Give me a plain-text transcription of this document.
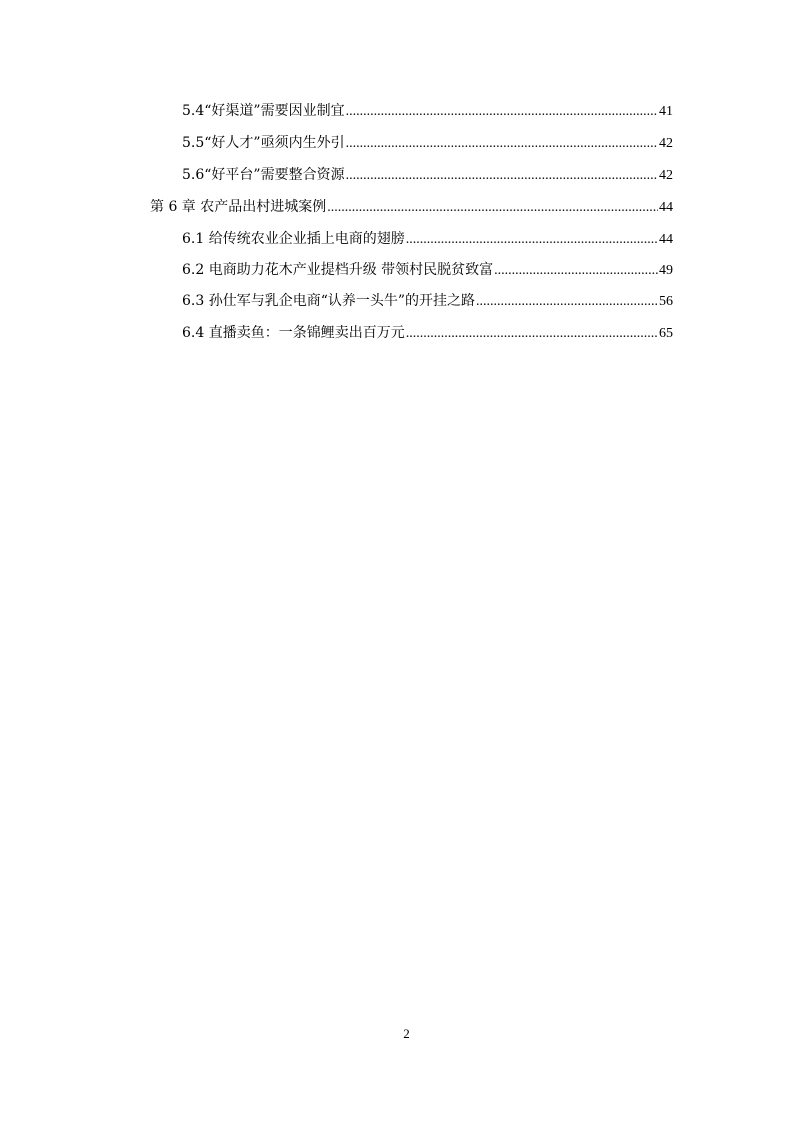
5.4“好渠道”需要因业制宜 .....	41
5.5“好人才”亟须内生外引 .....	42
5.6“好平台”需要整合资源 .....	42
第 6 章 农产品出村进城案例 .....	44
6.1 给传统农业企业插上电商的翅膀 .....	44
6.2 电商助力花木产业提档升级 带领村民脱贫致富 .....	49
6.3 孙仕军与乳企电商“认养一头牛”的开挂之路 .....	56
6.4 直播卖鱼：一条锦鲤卖出百万元 .....	65
2
